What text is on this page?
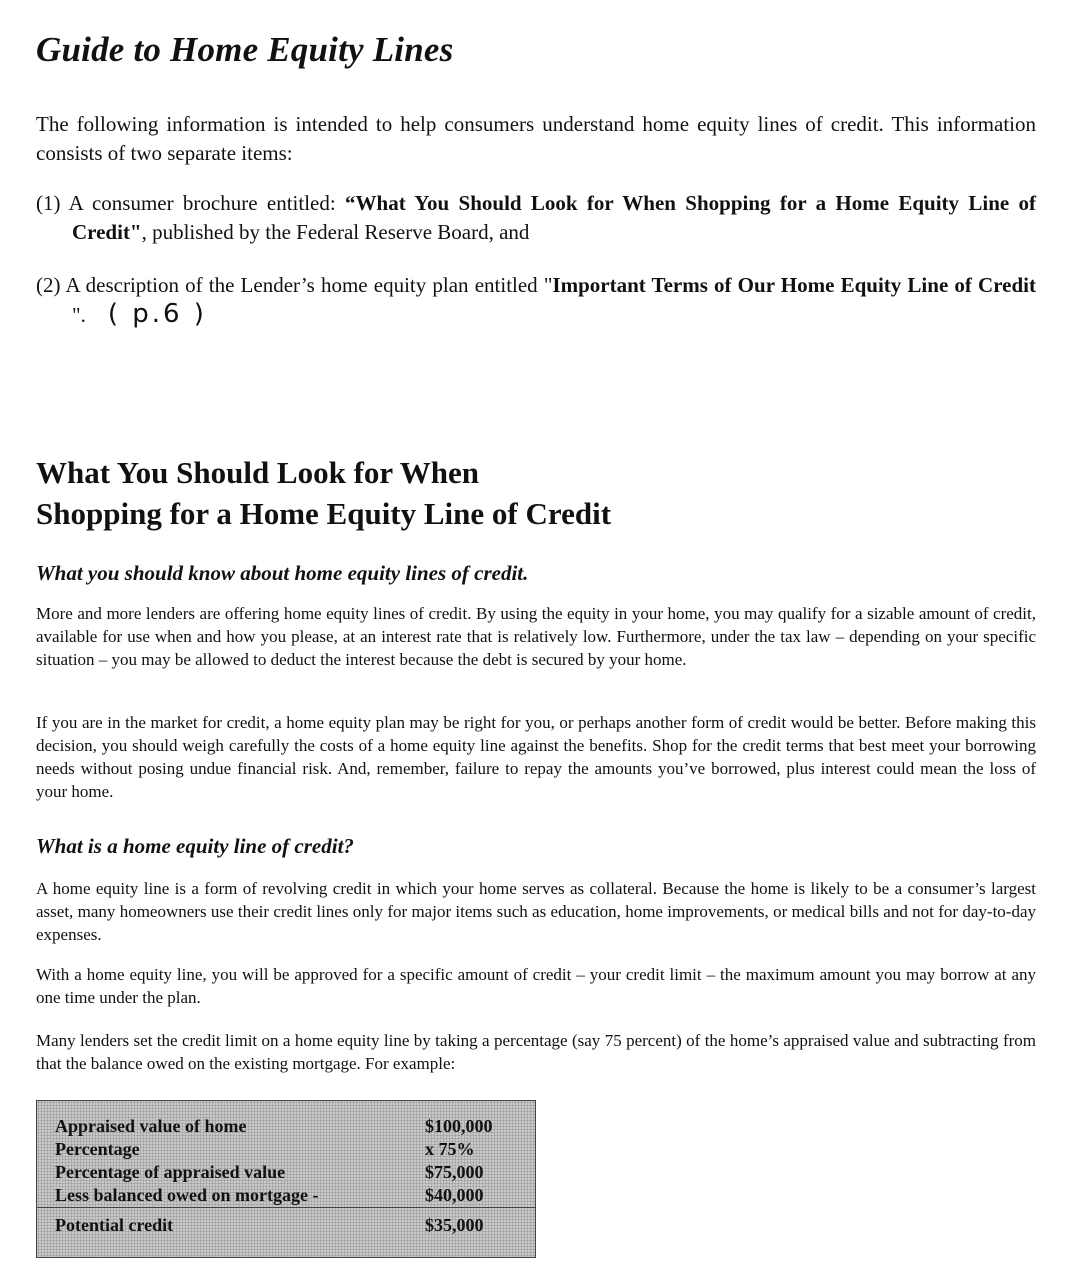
Guide to Home Equity Lines

The following information is intended to help consumers understand home equity lines of credit. This information consists of two separate items:

(1) A consumer brochure entitled: “What You Should Look for When Shopping for a Home Equity Line of Credit", published by the Federal Reserve Board, and

(2) A description of the Lender’s home equity plan entitled "Important Terms of Our Home Equity Line of Credit ". ( p.6 )

What You Should Look for When
Shopping for a Home Equity Line of Credit
What you should know about home equity lines of credit.

More and more lenders are offering home equity lines of credit. By using the equity in your home, you may qualify for a sizable amount of credit, available for use when and how you please, at an interest rate that is relatively low. Furthermore, under the tax law – depending on your specific situation – you may be allowed to deduct the interest because the debt is secured by your home.

If you are in the market for credit, a home equity plan may be right for you, or perhaps another form of credit would be better. Before making this decision, you should weigh carefully the costs of a home equity line against the benefits. Shop for the credit terms that best meet your borrowing needs without posing undue financial risk. And, remember, failure to repay the amounts you’ve borrowed, plus interest could mean the loss of your home.

What is a home equity line of credit?

A home equity line is a form of revolving credit in which your home serves as collateral. Because the home is likely to be a consumer’s largest asset, many homeowners use their credit lines only for major items such as education, home improvements, or medical bills and not for day-to-day expenses.

With a home equity line, you will be approved for a specific amount of credit – your credit limit – the maximum amount you may borrow at any one time under the plan.

Many lenders set the credit limit on a home equity line by taking a percentage (say 75 percent) of the home’s appraised value and subtracting from that the balance owed on the existing mortgage. For example:

Appraised value of home	$100,000
Percentage	x 75%
Percentage of appraised value	$75,000
Less balanced owed on mortgage -	$40,000
Potential credit	$35,000
